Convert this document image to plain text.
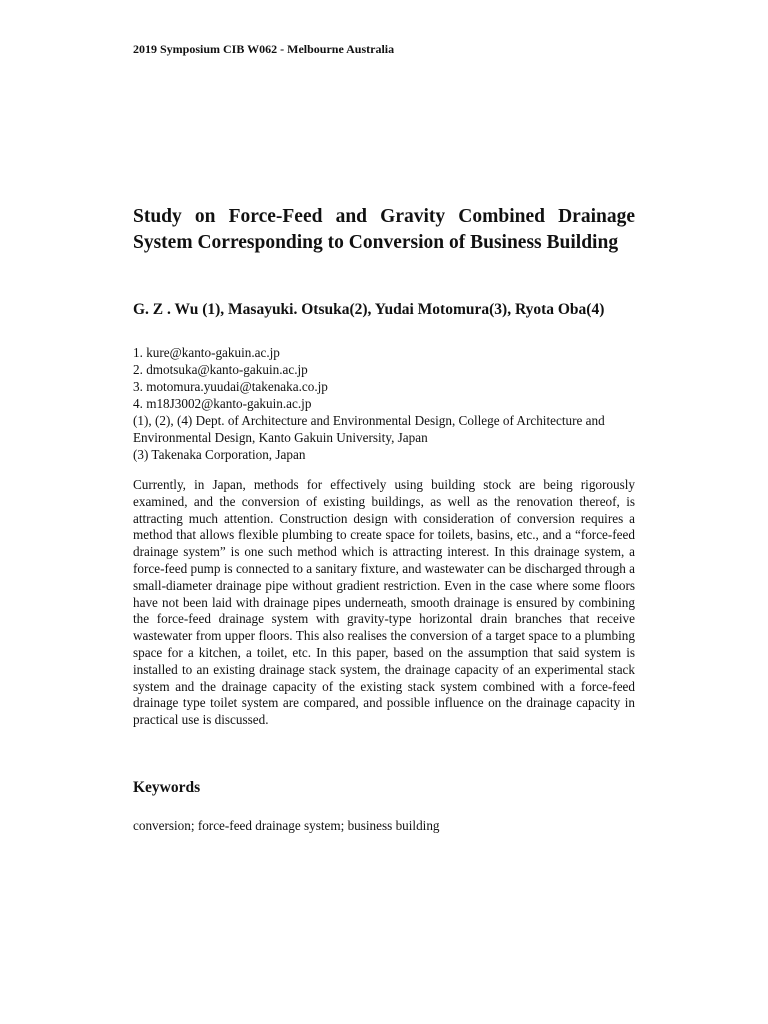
2019 Symposium CIB W062 - Melbourne Australia
Study on Force-Feed and Gravity Combined Drainage System Corresponding to Conversion of Business Building

G. Z . Wu (1), Masayuki. Otsuka(2), Yudai Motomura(3), Ryota Oba(4)

1. kure@kanto-gakuin.ac.jp
2. dmotsuka@kanto-gakuin.ac.jp
3. motomura.yuudai@takenaka.co.jp
4. m18J3002@kanto-gakuin.ac.jp
(1), (2), (4) Dept. of Architecture and Environmental Design, College of Architecture and Environmental Design, Kanto Gakuin University, Japan
(3) Takenaka Corporation, Japan

Currently, in Japan, methods for effectively using building stock are being rigorously examined, and the conversion of existing buildings, as well as the renovation thereof, is attracting much attention. Construction design with consideration of conversion requires a method that allows flexible plumbing to create space for toilets, basins, etc., and a “force-feed drainage system” is one such method which is attracting interest. In this drainage system, a force-feed pump is connected to a sanitary fixture, and wastewater can be discharged through a small-diameter drainage pipe without gradient restriction. Even in the case where some floors have not been laid with drainage pipes underneath, smooth drainage is ensured by combining the force-feed drainage system with gravity-type horizontal drain branches that receive wastewater from upper floors. This also realises the conversion of a target space to a plumbing space for a kitchen, a toilet, etc. In this paper, based on the assumption that said system is installed to an existing drainage stack system, the drainage capacity of an experimental stack system and the drainage capacity of the existing stack system combined with a force-feed drainage type toilet system are compared, and possible influence on the drainage capacity in practical use is discussed.

Keywords

conversion; force-feed drainage system; business building
